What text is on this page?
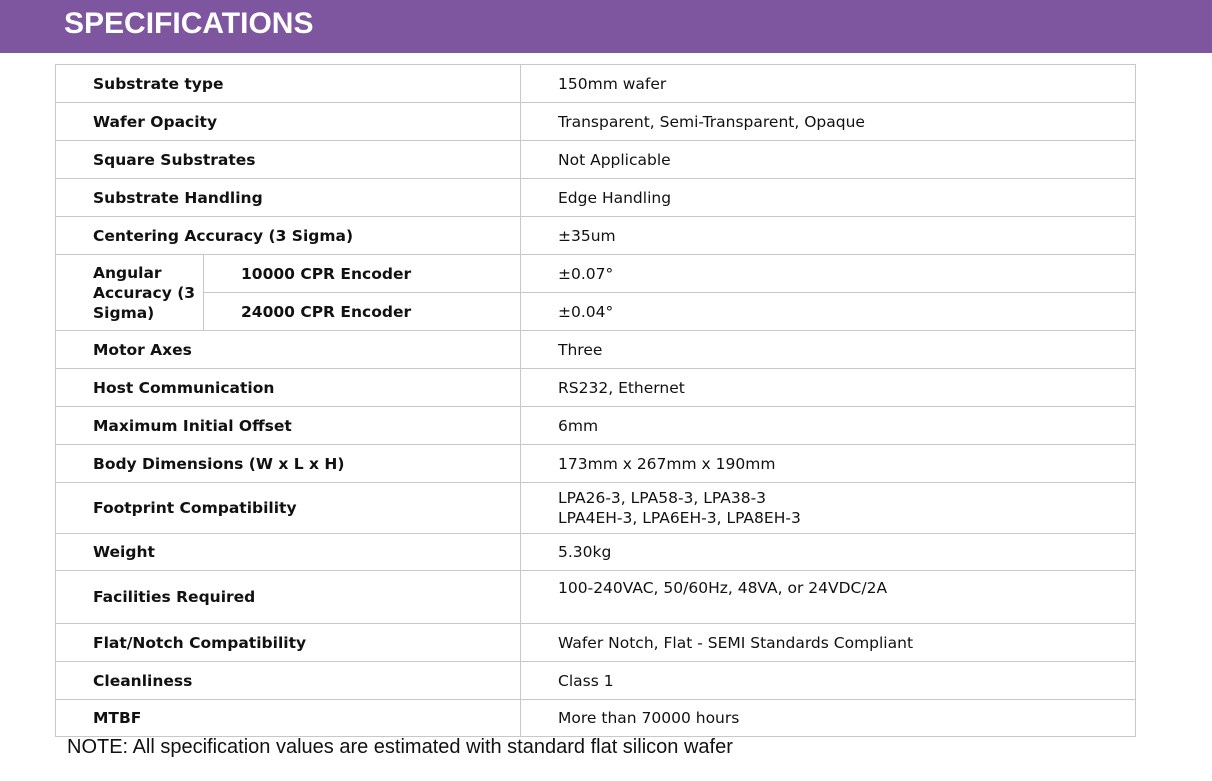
SPECIFICATIONS
Substrate type		150mm wafer
Wafer Opacity		Transparent, Semi-Transparent, Opaque
Square Substrates		Not Applicable
Substrate Handling		Edge Handling
Centering Accuracy (3 Sigma)		±35um
Angular Accuracy (3 Sigma)	10000 CPR Encoder	±0.07°
	24000 CPR Encoder	±0.04°
Motor Axes		Three
Host Communication		RS232, Ethernet
Maximum Initial Offset		6mm
Body Dimensions (W x L x H)		173mm x 267mm x 190mm
Footprint Compatibility		LPA26-3, LPA58-3, LPA38-3
LPA4EH-3, LPA6EH-3, LPA8EH-3

Weight		5.30kg
Facilities Required		100-240VAC, 50/60Hz, 48VA, or 24VDC/2A
Flat/Notch Compatibility		Wafer Notch, Flat - SEMI Standards Compliant
Cleanliness		Class 1
MTBF		More than 70000 hours
NOTE: All specification values are estimated with standard flat silicon wafer
